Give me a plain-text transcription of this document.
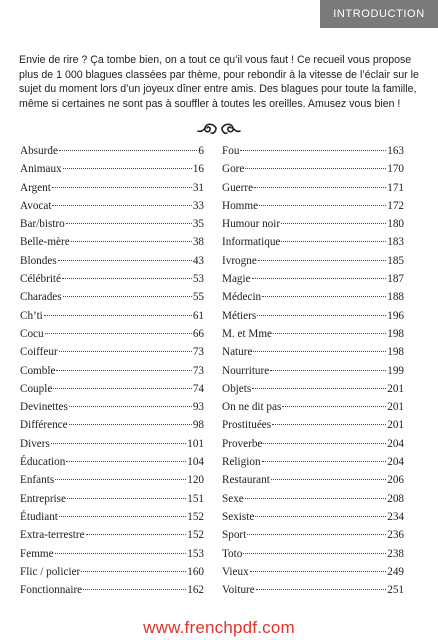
INTRODUCTION

Envie de rire ? Ça tombe bien, on a tout ce qu’il vous faut ! Ce recueil vous propose plus de 1 000 blagues classées par thème, pour rebondir à la vitesse de l’éclair sur le sujet du moment lors d’un joyeux dîner entre amis. Des blagues pour toute la famille, même si certaines ne sont pas à souffler à toutes les oreilles. Amusez vous bien !

Absurde	6
Animaux	16
Argent	31
Avocat	33
Bar/bistro	35
Belle-mère	38
Blondes	43
Célébrité	53
Charades	55
Ch’ti	61
Cocu	66
Coiffeur	73
Comble	73
Couple	74
Devinettes	93
Différence	98
Divers	101
Éducation	104
Enfants	120
Entreprise	151
Étudiant	152
Extra-terrestre	152
Femme	153
Flic / policier	160
Fonctionnaire	162
Fou	163
Gore	170
Guerre	171
Homme	172
Humour noir	180
Informatique	183
Ivrogne	185
Magie	187
Médecin	188
Métiers	196
M. et Mme	198
Nature	198
Nourriture	199
Objets	201
On ne dit pas	201
Prostituées	201
Proverbe	204
Religion	204
Restaurant	206
Sexe	208
Sexiste	234
Sport	236
Toto	238
Vieux	249
Voiture	251
www.frenchpdf.com
